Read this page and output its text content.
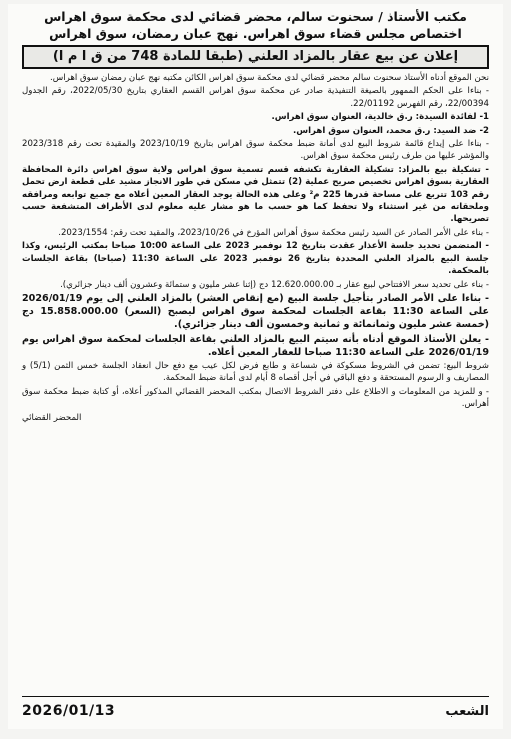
مكتب الأستاذ / سحنوت سالم، محضر قضائي لدى محكمة سوق اهراس
اختصاص مجلس قضاء سوق اهراس. نهج عبان رمضان، سوق اهراس
إعلان عن بيع عقار بالمزاد العلني (طبقا للمادة 748 من ق ا م ا)

نحن الموقع أدناه الأستاذ سحنوت سالم محضر قضائي لدى محكمة سوق اهراس الكائن مكتبه نهج عبان رمضان سوق اهراس.

- بناءا على الحكم الممهور بالصيغة التنفيذية صادر عن محكمة سوق اهراس القسم العقاري بتاريخ 2022/05/30، رقم الجدول 22/00394، رقم الفهرس 22/01192.

1- لفائدة السيدة: ر.ق خالدية، العنوان سوق اهراس.

2- ضد السيد: ر.ق محمد، العنوان سوق اهراس.

- بناءا على إيداع قائمة شروط البيع لدى أمانة ضبط محكمة سوق اهراس بتاريخ 2023/10/19 والمقيدة تحت رقم 2023/318 والمؤشر عليها من طرف رئيس محكمة سوق اهراس.

- تشكيلة بيع بالمزاد: تشكيلة العقارية تكشفه قسم تسمية سوق اهراس ولاية سوق اهراس دائرة المحافظة العقارية بسوق اهراس تخصيص صريح عملية (2) تتمثل في مسكن في طور الانجاز مشيد على قطعة ارض تحمل رقم 103 تتربع على مساحة قدرها 225 م² وعلى هذه الحالة يوجد العقار المعين أعلاه مع جميع توابعه ومرافقه وملحقاته من غير استثناء ولا تحفظ كما هو حسب ما هو مشار عليه معلوم لدى الأطراف المتشفعة حسب تصريحها.

- بناء على الأمر الصادر عن السيد رئيس محكمة سوق أهراس المؤرخ في 2023/10/26، والمقيد تحت رقم: 2023/1554.

- المتضمن تحديد جلسة الأعذار عقدت بتاريخ 12 نوفمبر 2023 على الساعة 10:00 صباحا بمكتب الرئيس، وكذا جلسة البيع بالمزاد العلني المحددة بتاريخ 26 نوفمبر 2023 على الساعة 11:30 (صباحا) بقاعة الجلسات بالمحكمة.

- بناء على تحديد سعر الافتتاحي لبيع عقار بـ 12.620.000.00 دج (إثنا عشر مليون و ستمائة وعشرون ألف دينار جزائري).

- بناءا على الأمر الصادر بتأجيل جلسة البيع (مع إنقاص العشر) بالمزاد العلني إلى يوم 2026/01/19 على الساعة 11:30 بقاعة الجلسات لمحكمة سوق اهراس ليصبح (السعر) 15.858.000.00 دج (خمسة عشر مليون وثمانمائة و ثمانية وخمسون ألف دينار جزائري).

- يعلن الأستاذ الموقع أدناه بأنه سيتم البيع بالمزاد العلني بقاعة الجلسات لمحكمة سوق اهراس يوم 2026/01/19 على الساعة 11:30 صباحا للعقار المعين أعلاه.

شروط البيع: تضمن في الشروط مسكوكة في شساعة و طابع فرض لكل عيب مع دفع حال انعقاد الجلسة خمس الثمن (5/1) و المصاريف و الرسوم المستحقة و دفع الباقي في أجل أقصاه 8 أيام لدى أمانة ضبط المحكمة.

- و للمزيد من المعلومات و الاطلاع على دفتر الشروط الاتصال بمكتب المحضر القضائي المذكور أعلاه، أو كتابة ضبط محكمة سوق أهراس.

المحضر القضائي

الشعب
2026/01/13
